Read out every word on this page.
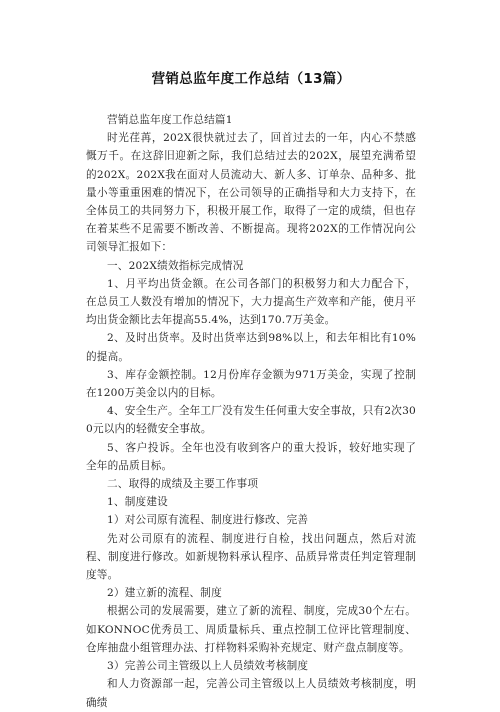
营销总监年度工作总结（13篇）

营销总监年度工作总结篇1

时光荏苒，202X很快就过去了，回首过去的一年，内心不禁感慨万千。在这辞旧迎新之际，我们总结过去的202X，展望充满希望的202X。202X我在面对人员流动大、新人多、订单杂、品种多、批量小等重重困难的情况下，在公司领导的正确指导和大力支持下，在全体员工的共同努力下，积极开展工作，取得了一定的成绩，但也存在着某些不足需要不断改善、不断提高。现将202X的工作情况向公司领导汇报如下：

一、202X绩效指标完成情况

1、月平均出货金额。在公司各部门的积极努力和大力配合下，在总员工人数没有增加的情况下，大力提高生产效率和产能，使月平均出货金额比去年提高55.4%，达到170.7万美金。

2、及时出货率。及时出货率达到98%以上，和去年相比有10%的提高。

3、库存金额控制。12月份库存金额为971万美金，实现了控制在1200万美金以内的目标。

4、安全生产。全年工厂没有发生任何重大安全事故，只有2次300元以内的轻微安全事故。

5、客户投诉。全年也没有收到客户的重大投诉，较好地实现了全年的品质目标。

二、取得的成绩及主要工作事项

1、制度建设

1）对公司原有流程、制度进行修改、完善

先对公司原有的流程、制度进行自检，找出问题点，然后对流程、制度进行修改。如新规物料承认程序、品质异常责任判定管理制度等。

2）建立新的流程、制度

根据公司的发展需要，建立了新的流程、制度，完成30个左右。如KONNOC优秀员工、周质量标兵、重点控制工位评比管理制度、仓库抽盘小组管理办法、打样物料采购补充规定、财产盘点制度等。

3）完善公司主管级以上人员绩效考核制度

和人力资源部一起，完善公司主管级以上人员绩效考核制度，明确绩
